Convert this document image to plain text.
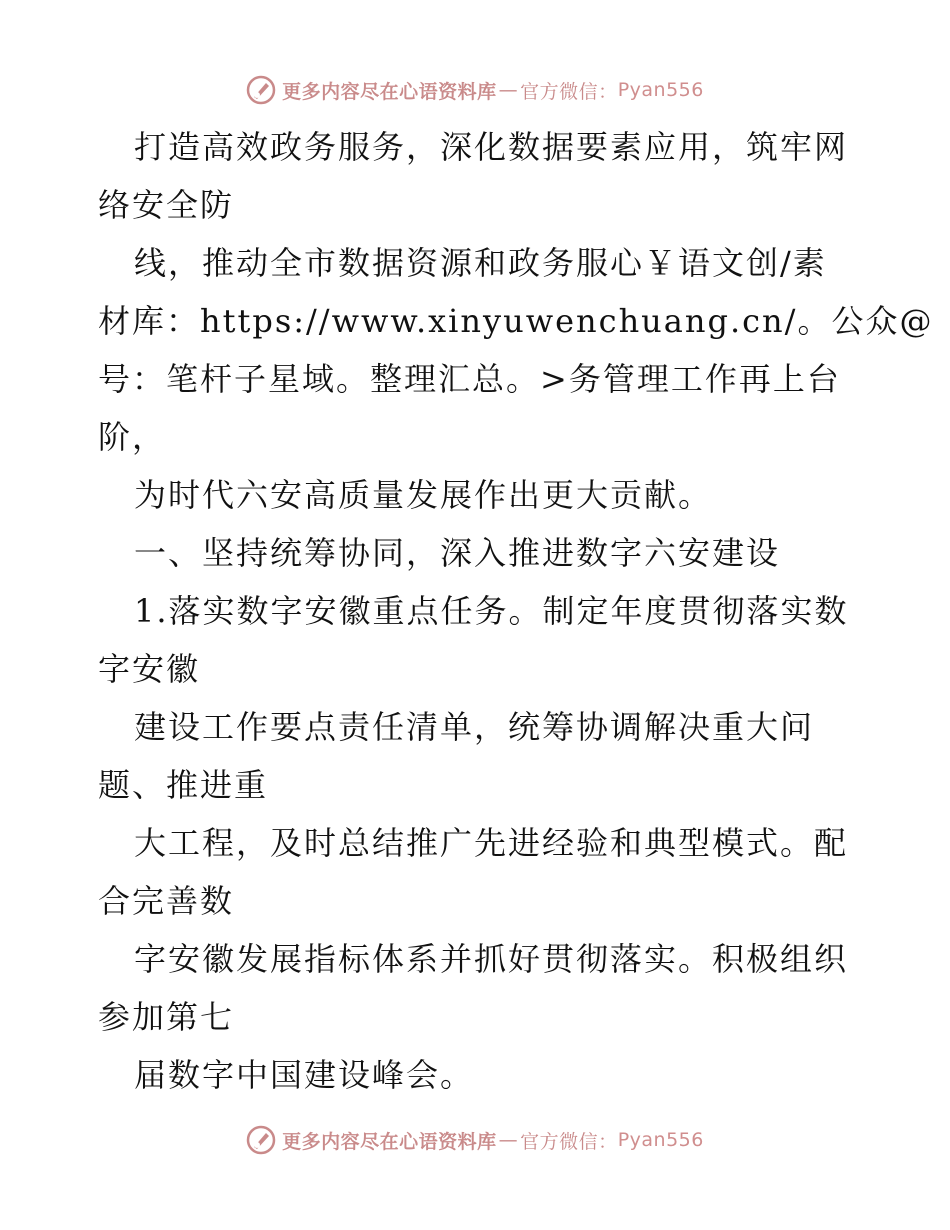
更多内容尽在心语资料库 — 官方微信： Pyan556
打造高效政务服务，深化数据要素应用，筑牢网
络安全防
线，推动全市数据资源和政务服心￥语文创/素
材库：https://www.xinyuwenchuang.cn/。公众@
号：笔杆子星域。整理汇总。>务管理工作再上台
阶，
为时代六安高质量发展作出更大贡献。
一、坚持统筹协同，深入推进数字六安建设
1.落实数字安徽重点任务。制定年度贯彻落实数
字安徽
建设工作要点责任清单，统筹协调解决重大问
题、推进重
大工程，及时总结推广先进经验和典型模式。配
合完善数
字安徽发展指标体系并抓好贯彻落实。积极组织
参加第七
届数字中国建设峰会。
更多内容尽在心语资料库 — 官方微信： Pyan556
